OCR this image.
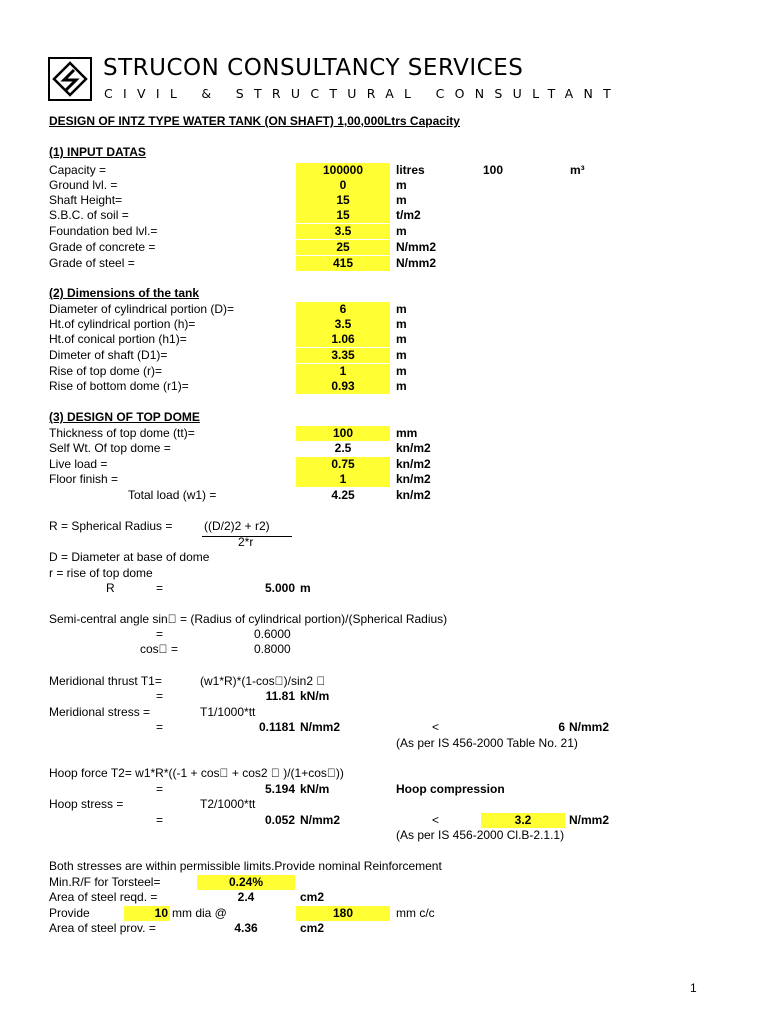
STRUCON CONSULTANCY SERVICES
CIVIL & STRUCTURAL CONSULTANT
DESIGN OF INTZ TYPE WATER TANK (ON SHAFT) 1,00,000Ltrs Capacity
(1) INPUT DATAS
Capacity =	100000	litres	100	m³
Ground lvl. =	0	m
Shaft Height=	15	m
S.B.C. of soil =	15	t/m2
Foundation bed lvl.=	3.5	m
Grade of concrete =	25	N/mm2
Grade of steel =	415	N/mm2
(2) Dimensions of the tank
Diameter of cylindrical portion (D)=	6	m
Ht.of cylindrical portion (h)=	3.5	m
Ht.of conical portion (h1)=	1.06	m
Dimeter of shaft (D1)=	3.35	m
Rise of top dome (r)=	1	m
Rise of bottom dome (r1)=	0.93	m
(3) DESIGN OF TOP DOME
Thickness of top dome (tt)=	100	mm
Self Wt. Of top dome =	2.5	kn/m2
Live load =	0.75	kn/m2
Floor finish =	1	kn/m2
Total load (w1) =	4.25	kn/m2
R = Spherical Radius =	((D/2)2 + r2)
2*r
D = Diameter at base of dome
r = rise of top dome
R	=	5.000 m
Semi-central angle sin  = (Radius of cylindrical portion)/(Spherical Radius)
=	0.6000
cos  =	0.8000
Meridional thrust T1=	(w1*R)*(1-cos )/sin2  
=	11.81 kN/m
Meridional stress =	T1/1000*tt
=	0.1181 N/mm2	<	6 N/mm2
(As per IS 456-2000 Table No. 21)
Hoop force T2= w1*R*((-1 + cos  + cos2   )/(1+cos ))
=	5.194 kN/m	Hoop compression
Hoop stress =	T2/1000*tt
=	0.052 N/mm2	<	3.2	N/mm2
(As per IS 456-2000 Cl.B-2.1.1)
Both stresses are within permissible limits.Provide nominal Reinforcement
Min.R/F for Torsteel=	0.24%
Area of steel reqd. =	2.4	cm2
Provide	10 mm dia @	180	mm c/c
Area of steel prov. =	4.36	cm2
1
